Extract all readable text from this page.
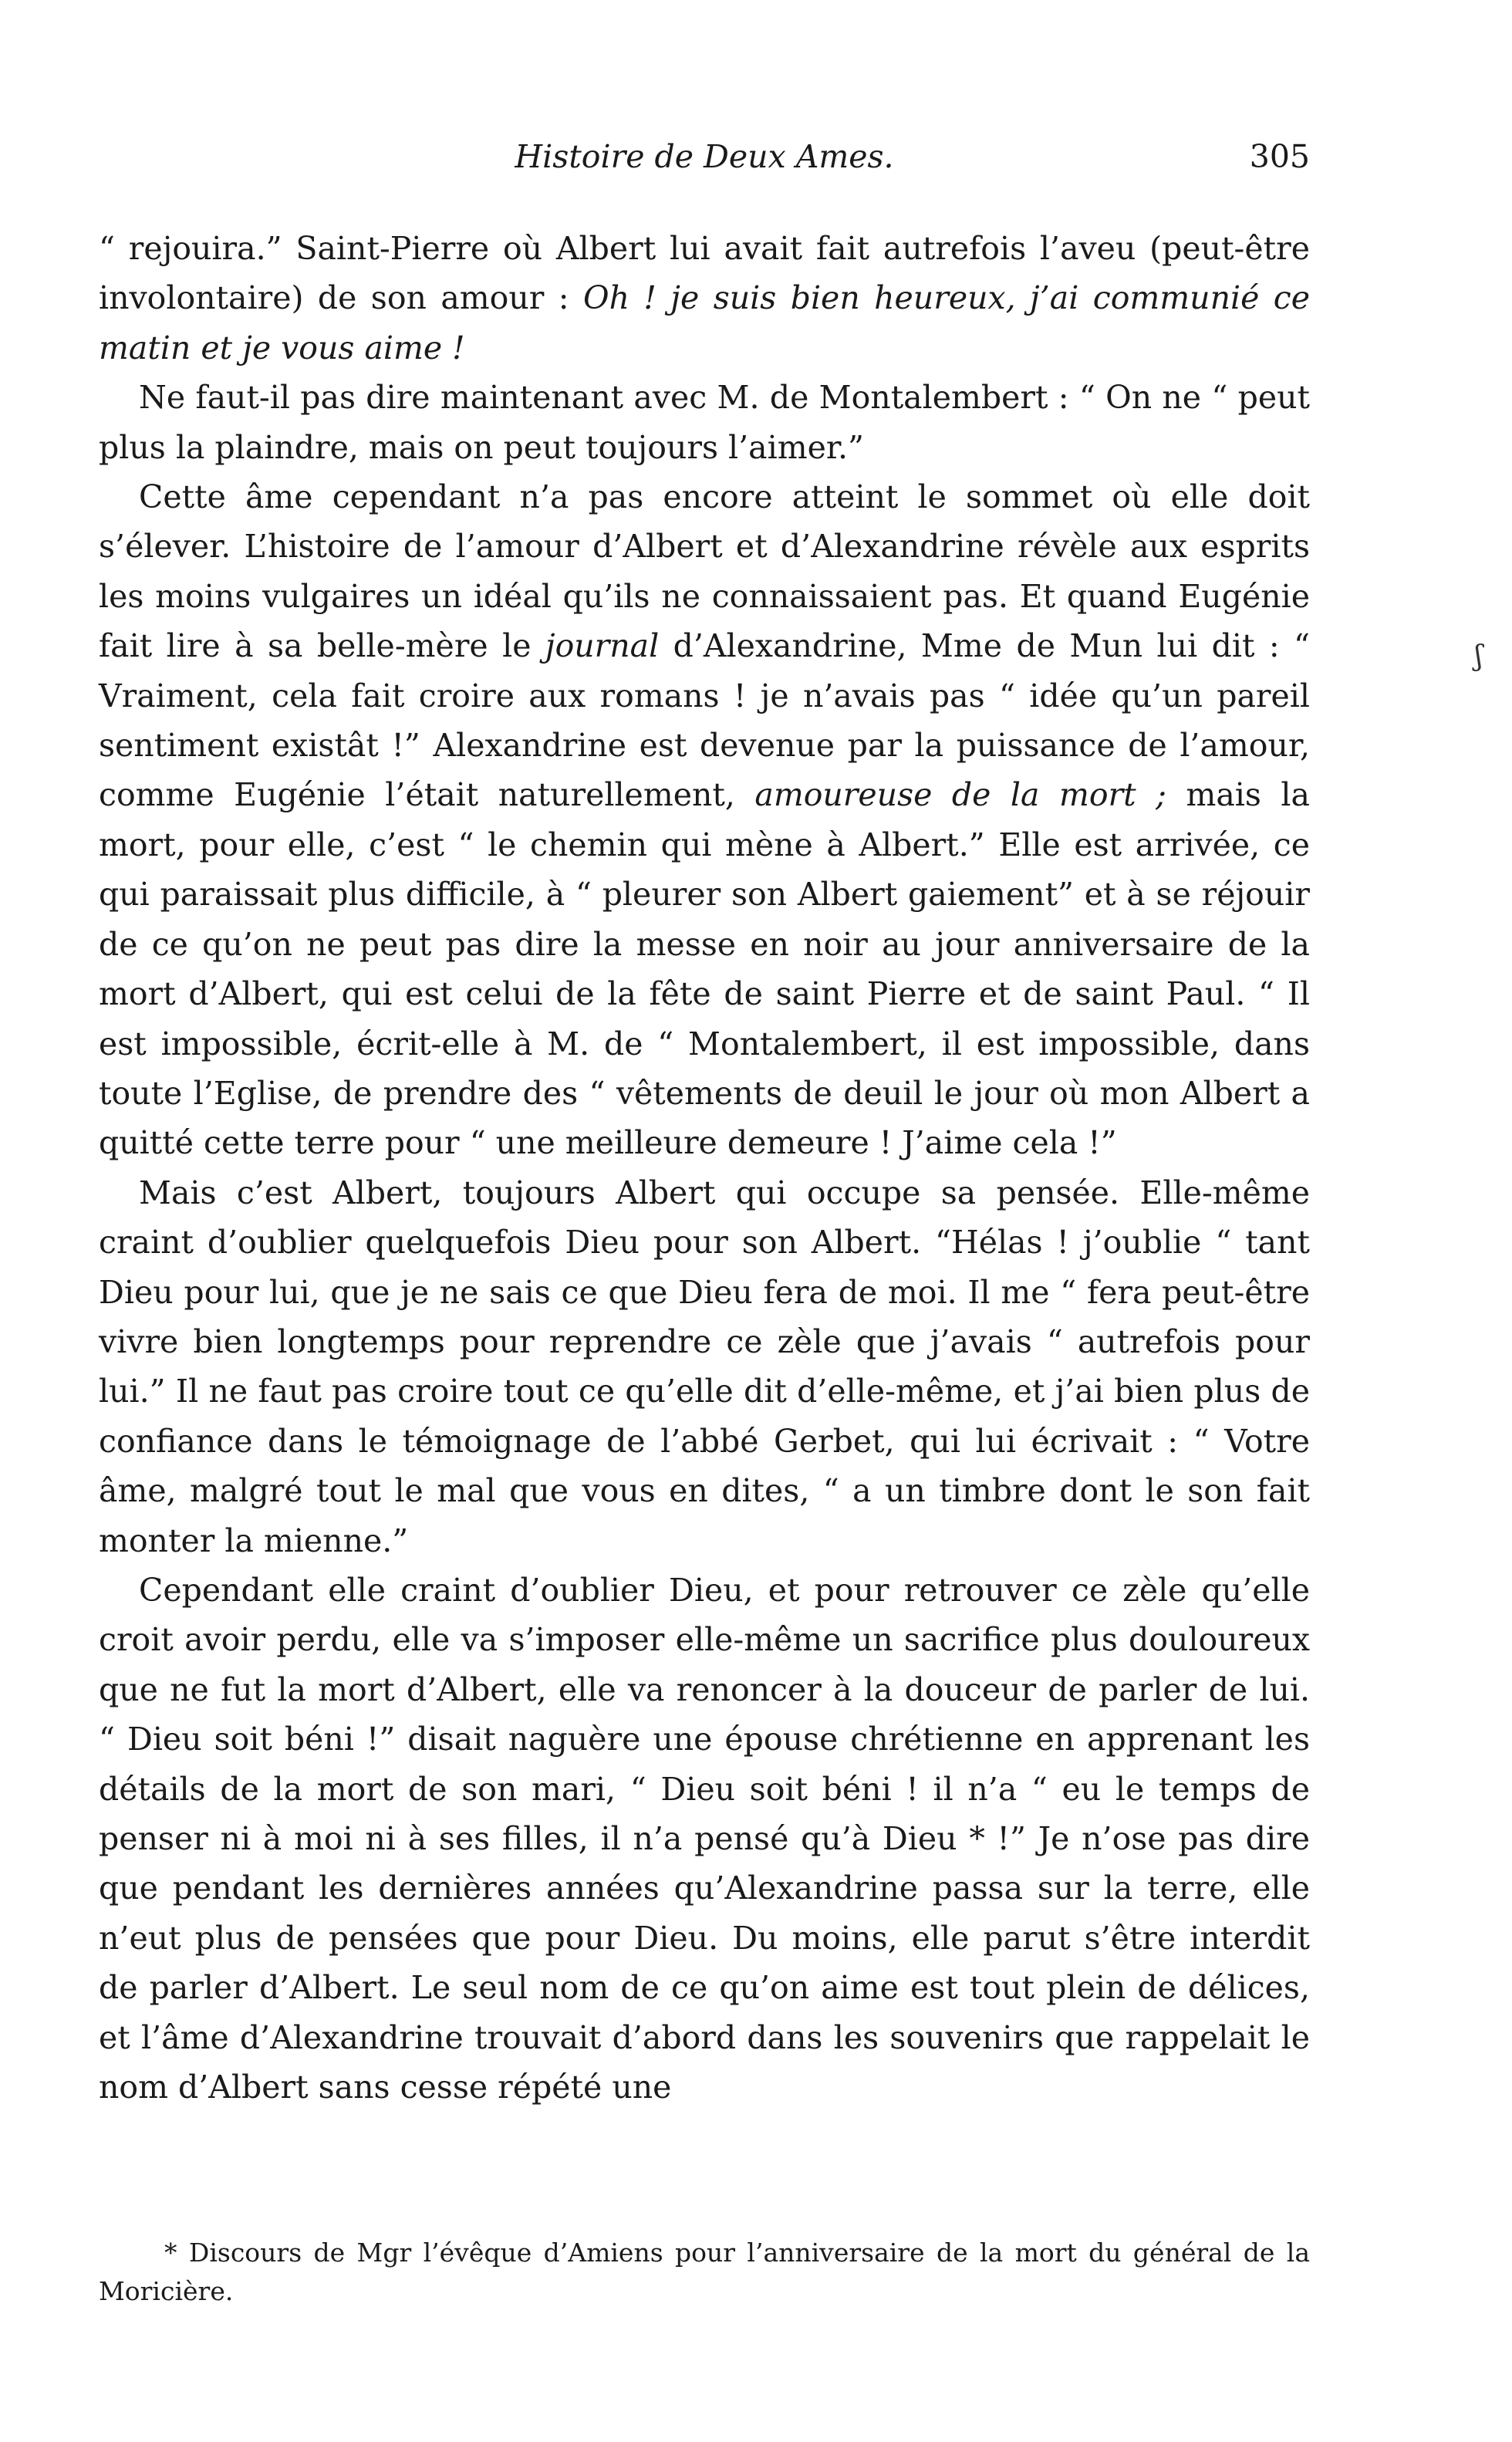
Histoire de Deux Ames.	305

“ rejouira.” Saint-Pierre où Albert lui avait fait autrefois l’aveu (peut-être involontaire) de son amour : Oh ! je suis bien heureux, j’ai communié ce matin et je vous aime !

Ne faut-il pas dire maintenant avec M. de Montalembert : “ On ne “ peut plus la plaindre, mais on peut toujours l’aimer.”

Cette âme cependant n’a pas encore atteint le sommet où elle doit s’élever. L’histoire de l’amour d’Albert et d’Alexandrine révèle aux esprits les moins vulgaires un idéal qu’ils ne connaissaient pas. Et quand Eugénie fait lire à sa belle-mère le journal d’Alexandrine, Mme de Mun lui dit : “ Vraiment, cela fait croire aux romans ! je n’avais pas “ idée qu’un pareil sentiment existât !” Alexandrine est devenue par la puissance de l’amour, comme Eugénie l’était naturellement, amoureuse de la mort ; mais la mort, pour elle, c’est “ le chemin qui mène à Albert.” Elle est arrivée, ce qui paraissait plus difficile, à “ pleurer son Albert gaiement” et à se réjouir de ce qu’on ne peut pas dire la messe en noir au jour anniversaire de la mort d’Albert, qui est celui de la fête de saint Pierre et de saint Paul. “ Il est impossible, écrit-elle à M. de “ Montalembert, il est impossible, dans toute l’Eglise, de prendre des “ vêtements de deuil le jour où mon Albert a quitté cette terre pour “ une meilleure demeure ! J’aime cela !”

Mais c’est Albert, toujours Albert qui occupe sa pensée. Elle-même craint d’oublier quelquefois Dieu pour son Albert. “Hélas ! j’oublie “ tant Dieu pour lui, que je ne sais ce que Dieu fera de moi. Il me “ fera peut-être vivre bien longtemps pour reprendre ce zèle que j’avais “ autrefois pour lui.” Il ne faut pas croire tout ce qu’elle dit d’elle-même, et j’ai bien plus de confiance dans le témoignage de l’abbé Gerbet, qui lui écrivait : “ Votre âme, malgré tout le mal que vous en dites, “ a un timbre dont le son fait monter la mienne.”

Cependant elle craint d’oublier Dieu, et pour retrouver ce zèle qu’elle croit avoir perdu, elle va s’imposer elle-même un sacrifice plus douloureux que ne fut la mort d’Albert, elle va renoncer à la douceur de parler de lui. “ Dieu soit béni !” disait naguère une épouse chrétienne en apprenant les détails de la mort de son mari, “ Dieu soit béni ! il n’a “ eu le temps de penser ni à moi ni à ses filles, il n’a pensé qu’à Dieu * !” Je n’ose pas dire que pendant les dernières années qu’Alexandrine passa sur la terre, elle n’eut plus de pensées que pour Dieu. Du moins, elle parut s’être interdit de parler d’Albert. Le seul nom de ce qu’on aime est tout plein de délices, et l’âme d’Alexandrine trouvait d’abord dans les souvenirs que rappelait le nom d’Albert sans cesse répété une

* Discours de Mgr l’évêque d’Amiens pour l’anniversaire de la mort du général de la Moricière.
ʃ
